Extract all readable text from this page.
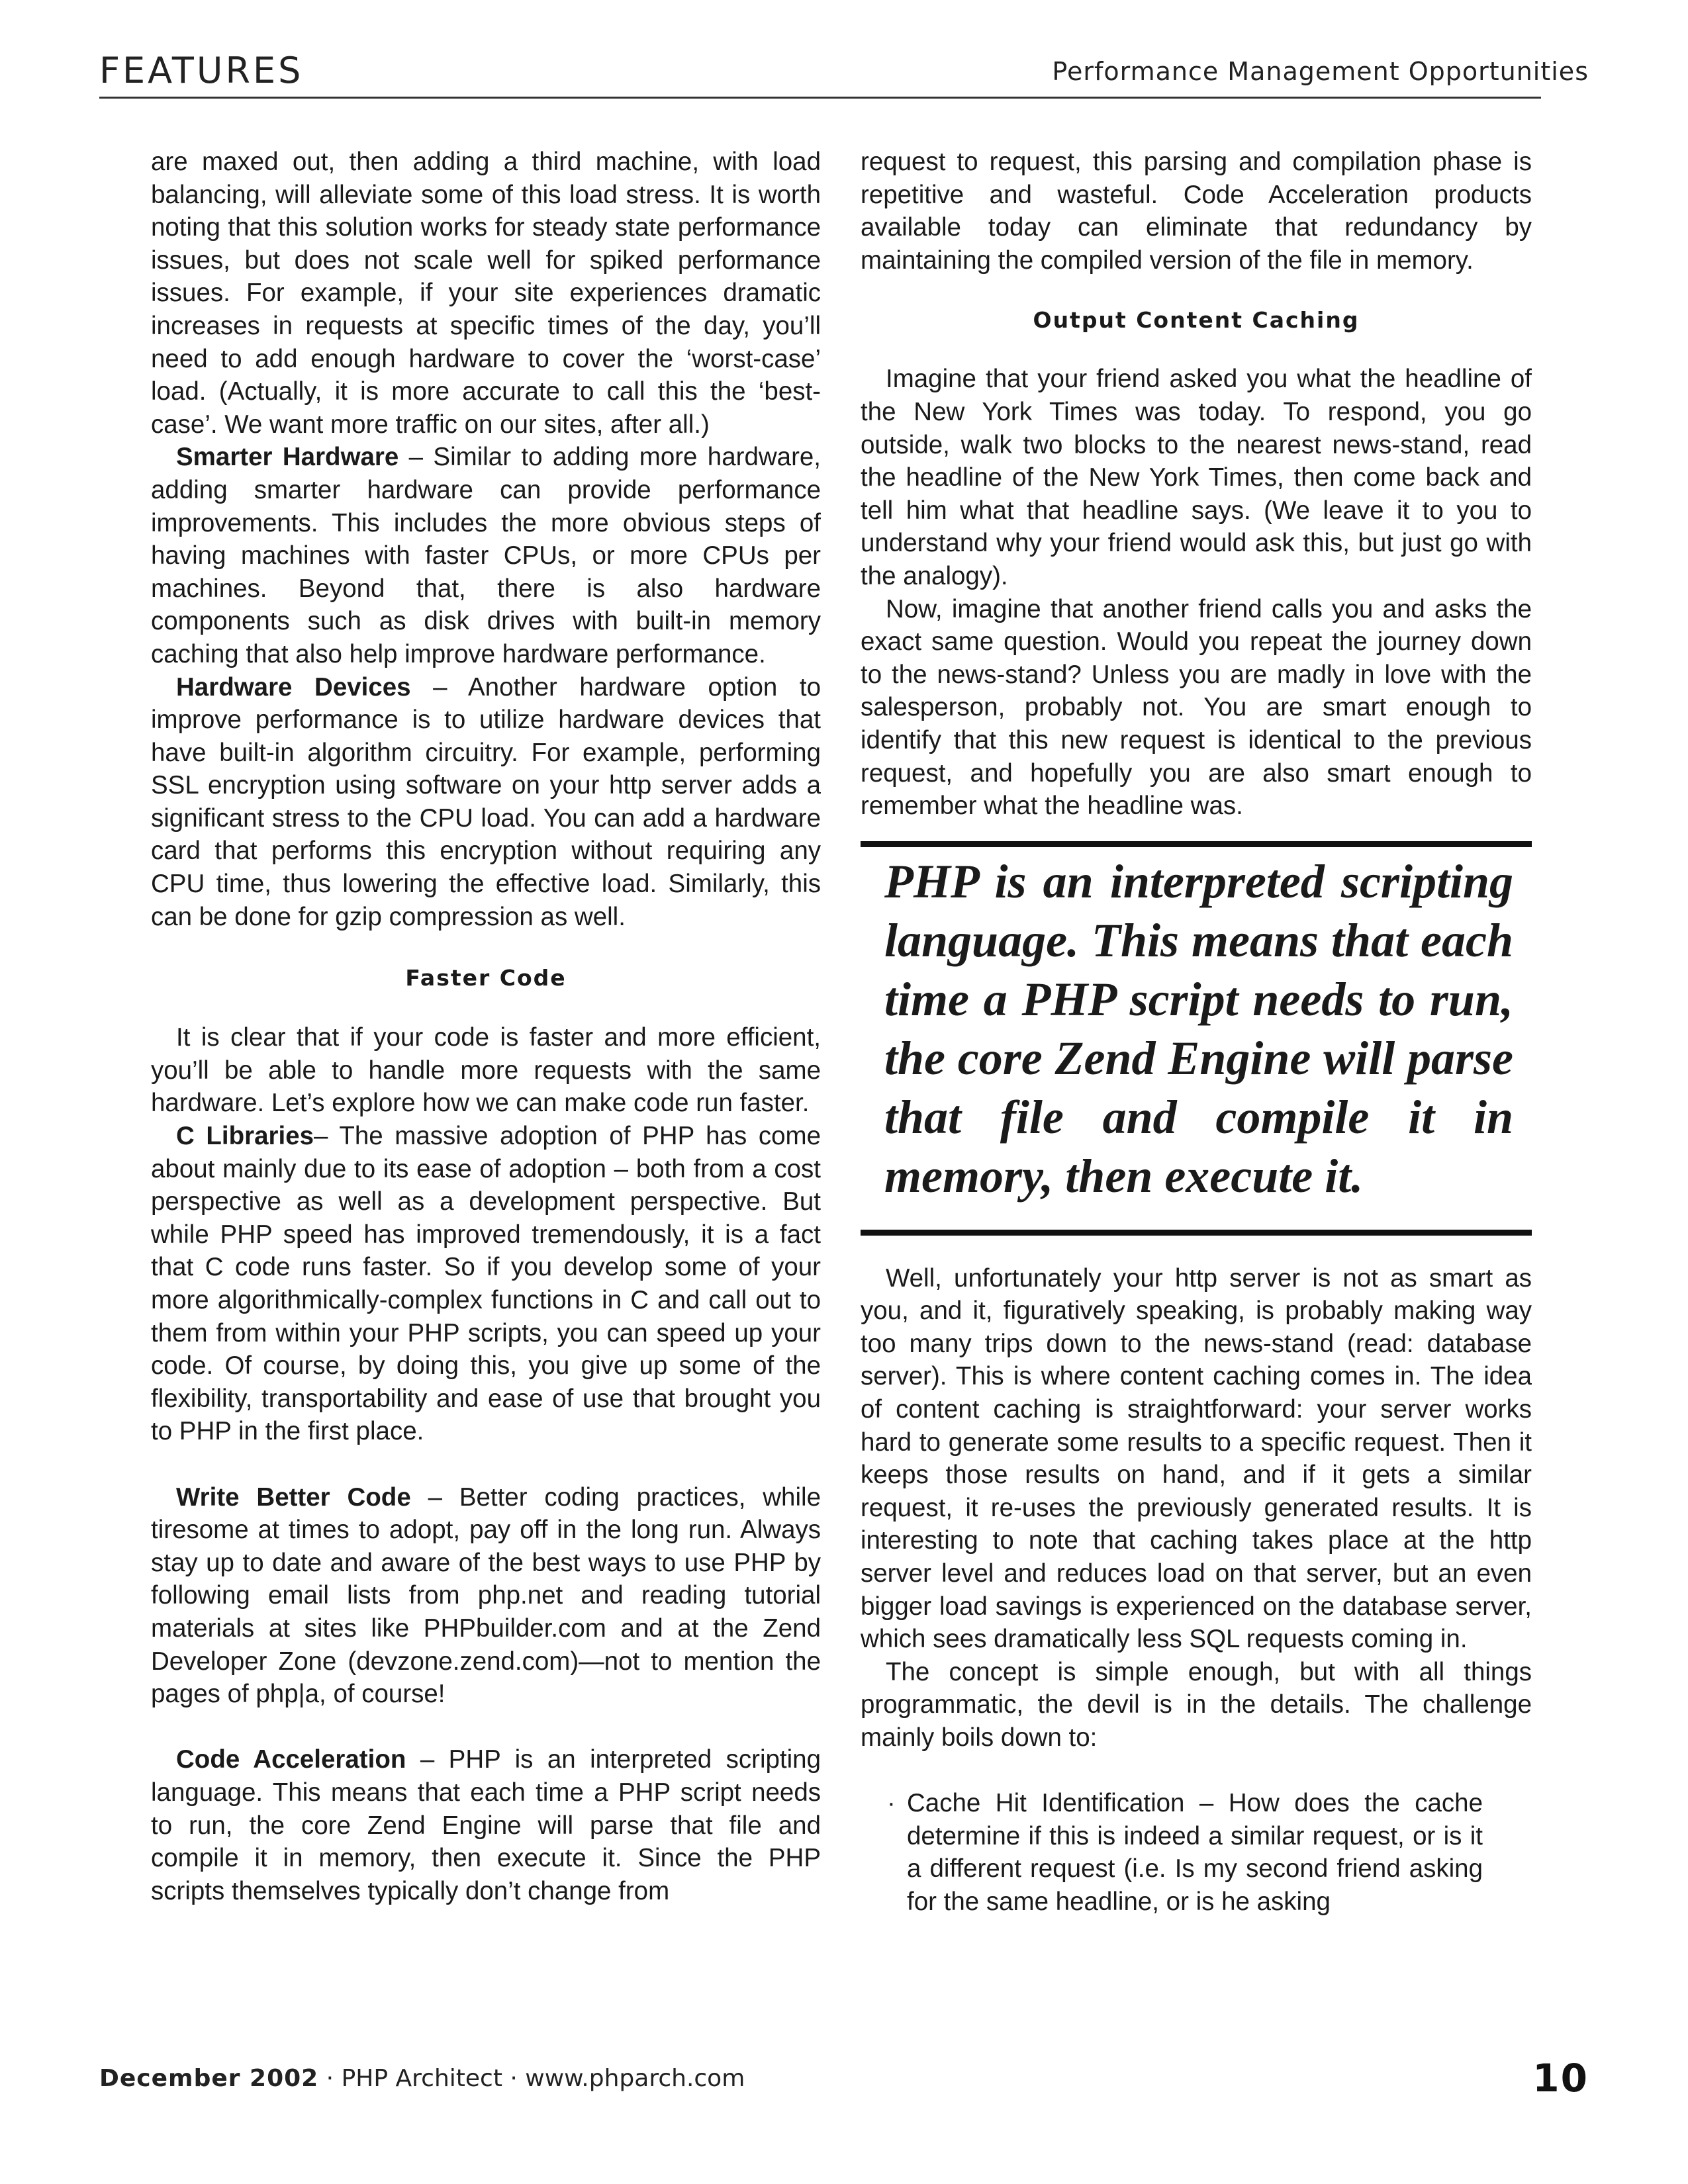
FEATURES	Performance Management Opportunities

are maxed out, then adding a third machine, with load balancing, will alleviate some of this load stress. It is worth noting that this solution works for steady state performance issues, but does not scale well for spiked performance issues. For example, if your site experiences dramatic increases in requests at specific times of the day, you’ll need to add enough hardware to cover the ‘worst-case’ load. (Actually, it is more accurate to call this the ‘best-case’. We want more traffic on our sites, after all.)

Smarter Hardware – Similar to adding more hardware, adding smarter hardware can provide performance improvements. This includes the more obvious steps of having machines with faster CPUs, or more CPUs per machines. Beyond that, there is also hardware components such as disk drives with built-in memory caching that also help improve hardware performance.

Hardware Devices – Another hardware option to improve performance is to utilize hardware devices that have built-in algorithm circuitry. For example, performing SSL encryption using software on your http server adds a significant stress to the CPU load. You can add a hardware card that performs this encryption without requiring any CPU time, thus lowering the effective load. Similarly, this can be done for gzip compression as well.

Faster Code

It is clear that if your code is faster and more efficient, you’ll be able to handle more requests with the same hardware. Let’s explore how we can make code run faster.

C Libraries– The massive adoption of PHP has come about mainly due to its ease of adoption – both from a cost perspective as well as a development perspective. But while PHP speed has improved tremendously, it is a fact that C code runs faster. So if you develop some of your more algorithmically-complex functions in C and call out to them from within your PHP scripts, you can speed up your code. Of course, by doing this, you give up some of the flexibility, transportability and ease of use that brought you to PHP in the first place.

Write Better Code – Better coding practices, while tiresome at times to adopt, pay off in the long run. Always stay up to date and aware of the best ways to use PHP by following email lists from php.net and reading tutorial materials at sites like PHPbuilder.com and at the Zend Developer Zone (devzone.zend.com)—not to mention the pages of php|a, of course!

Code Acceleration – PHP is an interpreted scripting language. This means that each time a PHP script needs to run, the core Zend Engine will parse that file and compile it in memory, then execute it. Since the PHP scripts themselves typically don’t change from

request to request, this parsing and compilation phase is repetitive and wasteful. Code Acceleration products available today can eliminate that redundancy by maintaining the compiled version of the file in memory.

Output Content Caching

Imagine that your friend asked you what the headline of the New York Times was today. To respond, you go outside, walk two blocks to the nearest news-stand, read the headline of the New York Times, then come back and tell him what that headline says. (We leave it to you to understand why your friend would ask this, but just go with the analogy).

Now, imagine that another friend calls you and asks the exact same question. Would you repeat the journey down to the news-stand? Unless you are madly in love with the salesperson, probably not. You are smart enough to identify that this new request is identical to the previous request, and hopefully you are also smart enough to remember what the headline was.

PHP is an interpreted scripting language. This means that each time a PHP script needs to run, the core Zend Engine will parse that file and compile it in memory, then execute it.

Well, unfortunately your http server is not as smart as you, and it, figuratively speaking, is probably making way too many trips down to the news-stand (read: database server). This is where content caching comes in. The idea of content caching is straightforward: your server works hard to generate some results to a specific request. Then it keeps those results on hand, and if it gets a similar request, it re-uses the previously generated results. It is interesting to note that caching takes place at the http server level and reduces load on that server, but an even bigger load savings is experienced on the database server, which sees dramatically less SQL requests coming in.

The concept is simple enough, but with all things programmatic, the devil is in the details. The challenge mainly boils down to:

· Cache Hit Identification – How does the cache determine if this is indeed a similar request, or is it a different request (i.e. Is my second friend asking for the same headline, or is he asking
December 2002 · PHP Architect · www.phparch.com	10
